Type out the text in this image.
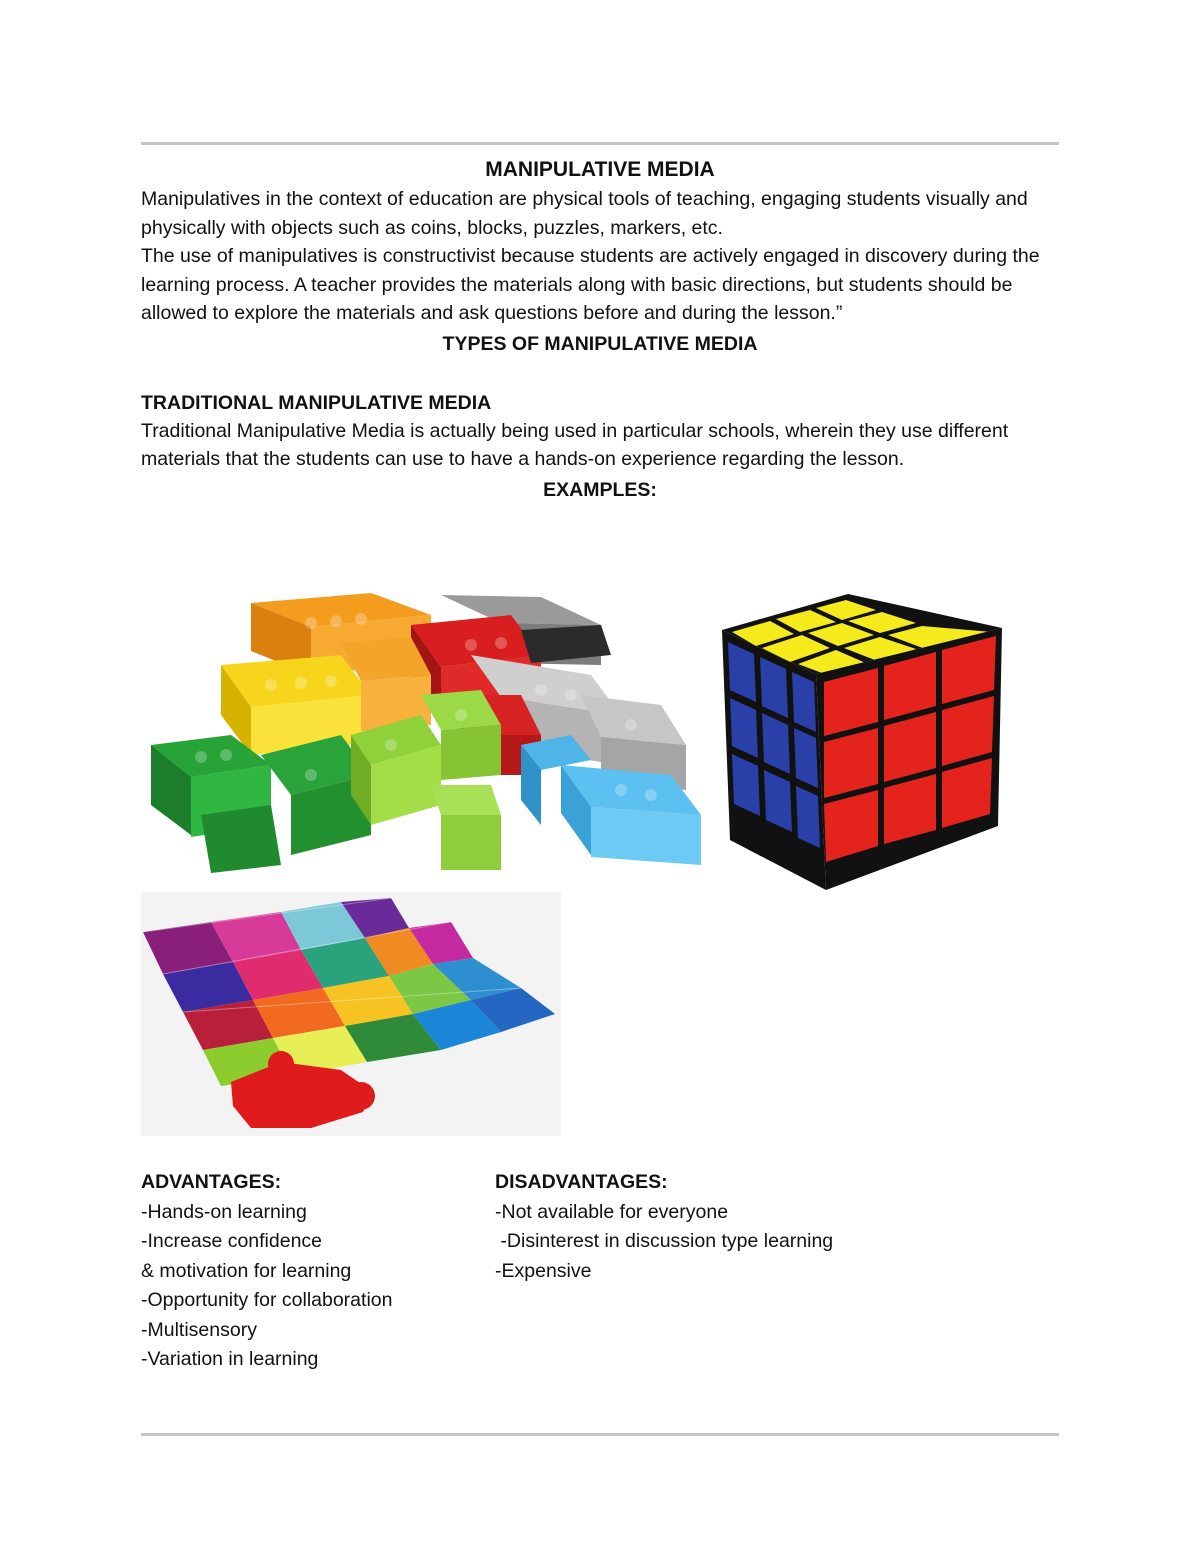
MANIPULATIVE MEDIA

Manipulatives in the context of education are physical tools of teaching, engaging students visually and physically with objects such as coins, blocks, puzzles, markers, etc.

The use of manipulatives is constructivist because students are actively engaged in discovery during the learning process. A teacher provides the materials along with basic directions, but students should be allowed to explore the materials and ask questions before and during the lesson.”

TYPES OF MANIPULATIVE MEDIA
TRADITIONAL MANIPULATIVE MEDIA

Traditional Manipulative Media is actually being used in particular schools, wherein they use different materials that the students can use to have a hands-on experience regarding the lesson.

EXAMPLES:
ADVANTAGES:
-Hands-on learning
-Increase confidence
& motivation for learning
-Opportunity for collaboration
-Multisensory
-Variation in learning
DISADVANTAGES:
-Not available for everyone
-Disinterest in discussion type learning
-Expensive
